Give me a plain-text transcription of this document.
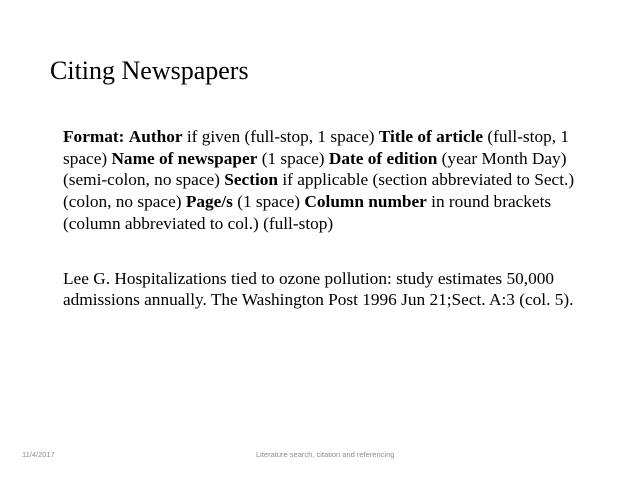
Citing Newspapers
Format: Author if given (full-stop, 1 space) Title of article (full-stop, 1 space) Name of newspaper (1 space) Date of edition (year Month Day) (semi-colon, no space) Section if applicable (section abbreviated to Sect.) (colon, no space) Page/s (1 space) Column number in round brackets (column abbreviated to col.) (full-stop)
Lee G. Hospitalizations tied to ozone pollution: study estimates 50,000 admissions annually. The Washington Post 1996 Jun 21;Sect. A:3 (col. 5).
11/4/2017	Literature search, citation and referencing
